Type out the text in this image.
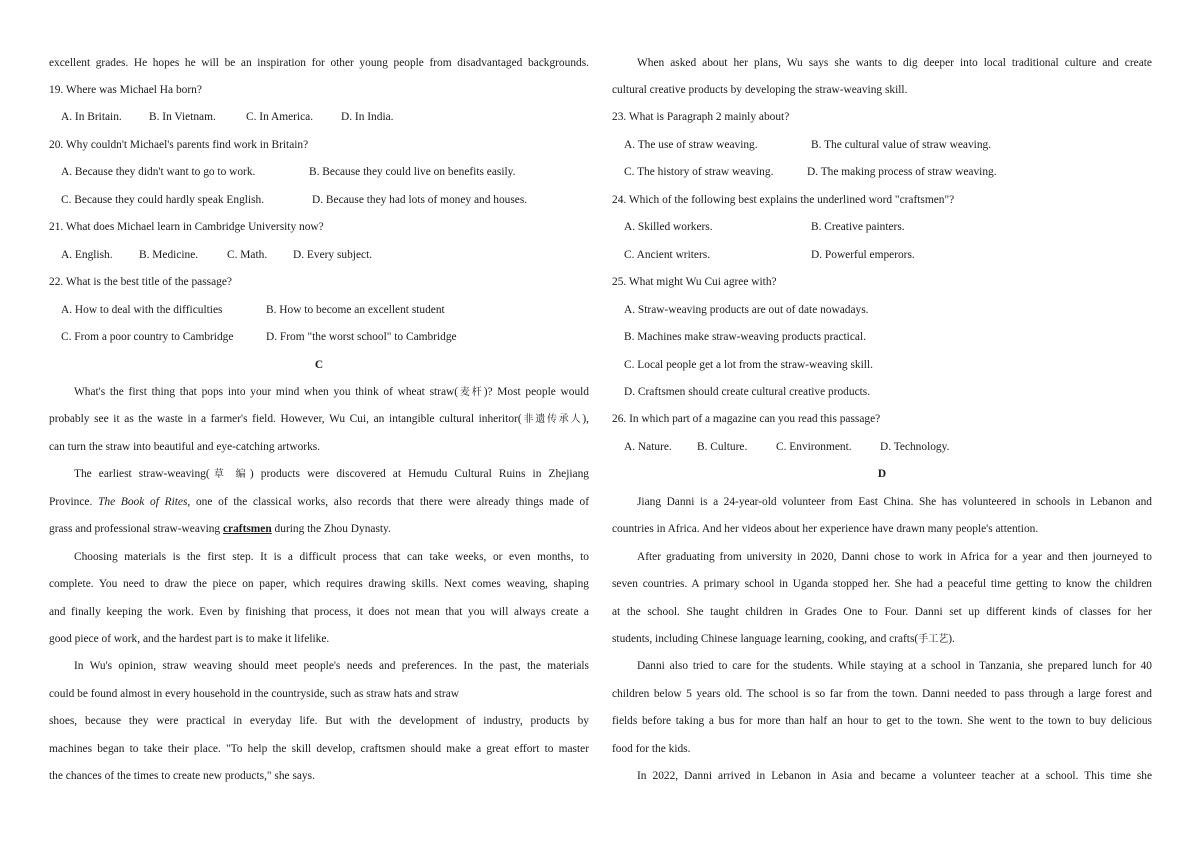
excellent grades. He hopes he will be an inspiration for other young people from disadvantaged backgrounds.
19. Where was Michael Ha born?
A. In Britain. B. In Vietnam.	C. In America. D. In India.
20. Why couldn't Michael's parents find work in Britain?
A. Because they didn't want to go to work.	B. Because they could live on benefits easily.
C. Because they could hardly speak English.	D. Because they had lots of money and houses.
21. What does Michael learn in Cambridge University now?
A. English. B. Medicine.	C. Math. D. Every subject.
22. What is the best title of the passage?
A. How to deal with the difficulties	B. How to become an excellent student
C. From a poor country to Cambridge	D. From "the worst school" to Cambridge
C
What's the first thing that pops into your mind when you think of wheat straw(麦杆)? Most people would
probably see it as the waste in a farmer's field. However, Wu Cui, an intangible cultural inheritor(非遗传承人),
can turn the straw into beautiful and eye-catching artworks.
The earliest straw-weaving(草 编) products were discovered at Hemudu Cultural Ruins in Zhejiang
Province. The Book of Rites, one of the classical works, also records that there were already things made of
grass and professional straw-weaving craftsmen during the Zhou Dynasty.
Choosing materials is the first step. It is a difficult process that can take weeks, or even months, to
complete. You need to draw the piece on paper, which requires drawing skills. Next comes weaving, shaping
and finally keeping the work. Even by finishing that process, it does not mean that you will always create a
good piece of work, and the hardest part is to make it lifelike.
In Wu's opinion, straw weaving should meet people's needs and preferences. In the past, the materials
could be found almost in every household in the countryside, such as straw hats and straw
shoes, because they were practical in everyday life. But with the development of industry, products by
machines began to take their place. "To help the skill develop, craftsmen should make a great effort to master
the chances of the times to create new products," she says.
When asked about her plans, Wu says she wants to dig deeper into local traditional culture and create
cultural creative products by developing the straw-weaving skill.
23. What is Paragraph 2 mainly about?
A. The use of straw weaving.	B. The cultural value of straw weaving.
C. The history of straw weaving.	D. The making process of straw weaving.
24. Which of the following best explains the underlined word "craftsmen"?
A. Skilled workers.	B. Creative painters.
C. Ancient writers.	D. Powerful emperors.
25. What might Wu Cui agree with?
A. Straw-weaving products are out of date nowadays.
B. Machines make straw-weaving products practical.
C. Local people get a lot from the straw-weaving skill.
D. Craftsmen should create cultural creative products.
26. In which part of a magazine can you read this passage?
A. Nature. B. Culture.	C. Environment. D. Technology.
D
Jiang Danni is a 24-year-old volunteer from East China. She has volunteered in schools in Lebanon and
countries in Africa. And her videos about her experience have drawn many people's attention.
After graduating from university in 2020, Danni chose to work in Africa for a year and then journeyed to
seven countries. A primary school in Uganda stopped her. She had a peaceful time getting to know the children
at the school. She taught children in Grades One to Four. Danni set up different kinds of classes for her
students, including Chinese language learning, cooking, and crafts(手工艺).
Danni also tried to care for the students. While staying at a school in Tanzania, she prepared lunch for 40
children below 5 years old. The school is so far from the town. Danni needed to pass through a large forest and
fields before taking a bus for more than half an hour to get to the town. She went to the town to buy delicious
food for the kids.
In 2022, Danni arrived in Lebanon in Asia and became a volunteer teacher at a school. This time she
